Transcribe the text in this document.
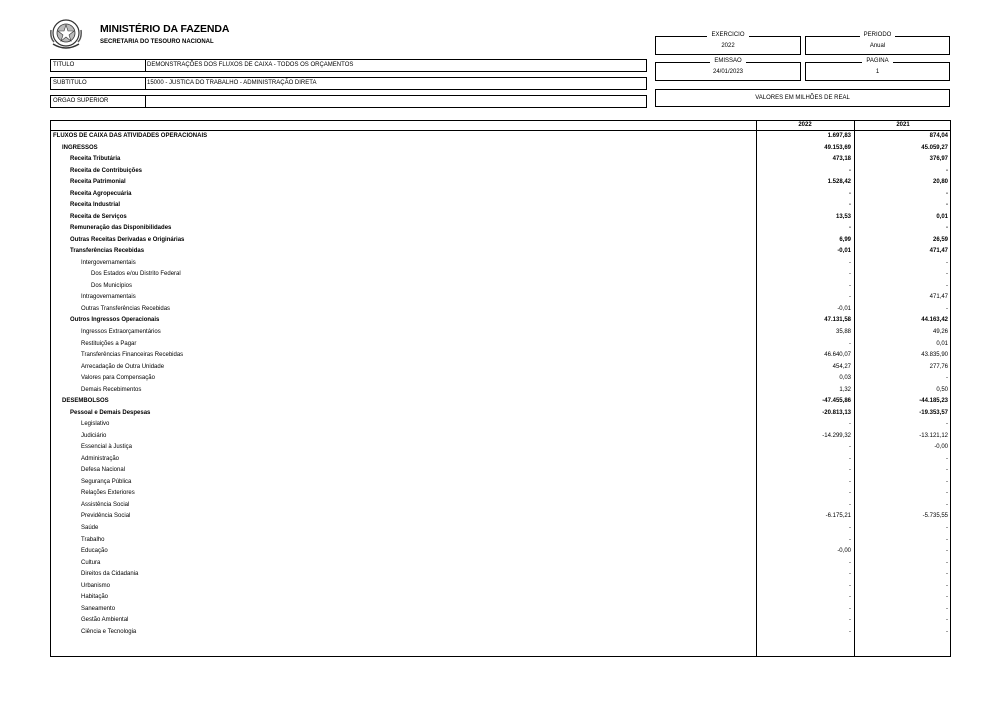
MINISTÉRIO DA FAZENDA
SECRETARIA DO TESOURO NACIONAL
TITULO	DEMONSTRAÇÕES DOS FLUXOS DE CAIXA - TODOS OS ORÇAMENTOS
SUBTITULO	15000 - JUSTICA DO TRABALHO - ADMINISTRAÇÃO DIRETA
ORGAO SUPERIOR
EXERCICIO
2022
PERIODO
Anual
EMISSAO
24/01/2023
PAGINA
1
VALORES EM MILHÕES DE REAL
2022	2021
FLUXOS DE CAIXA DAS ATIVIDADES OPERACIONAIS	1.697,83	874,04
INGRESSOS	49.153,69	45.059,27
Receita Tributária	473,18	376,97
Receita de Contribuições	-	-
Receita Patrimonial	1.528,42	20,80
Receita Agropecuária	-	-
Receita Industrial	-	-
Receita de Serviços	13,53	0,01
Remuneração das Disponibilidades	-	-
Outras Receitas Derivadas e Originárias	6,99	26,59
Transferências Recebidas	-0,01	471,47
Intergovernamentais	-	-
Dos Estados e/ou Distrito Federal	-	-
Dos Municípios	-	-
Intragovernamentais	-	471,47
Outras Transferências Recebidas	-0,01	-
Outros Ingressos Operacionais	47.131,58	44.163,42
Ingressos Extraorçamentários	35,88	49,26
Restituições a Pagar	-	0,01
Transferências Financeiras Recebidas	46.640,07	43.835,90
Arrecadação de Outra Unidade	454,27	277,76
Valores para Compensação	0,03	-
Demais Recebimentos	1,32	0,50
DESEMBOLSOS	-47.455,86	-44.185,23
Pessoal e Demais Despesas	-20.813,13	-19.353,57
Legislativo	-	-
Judiciário	-14.299,32	-13.121,12
Essencial à Justiça	-	-0,00
Administração	-	-
Defesa Nacional	-	-
Segurança Pública	-	-
Relações Exteriores	-	-
Assistência Social	-	-
Previdência Social	-6.175,21	-5.735,55
Saúde	-	-
Trabalho	-	-
Educação	-0,00	-
Cultura	-	-
Direitos da Cidadania	-	-
Urbanismo	-	-
Habitação	-	-
Saneamento	-	-
Gestão Ambiental	-	-
Ciência e Tecnologia	-	-
